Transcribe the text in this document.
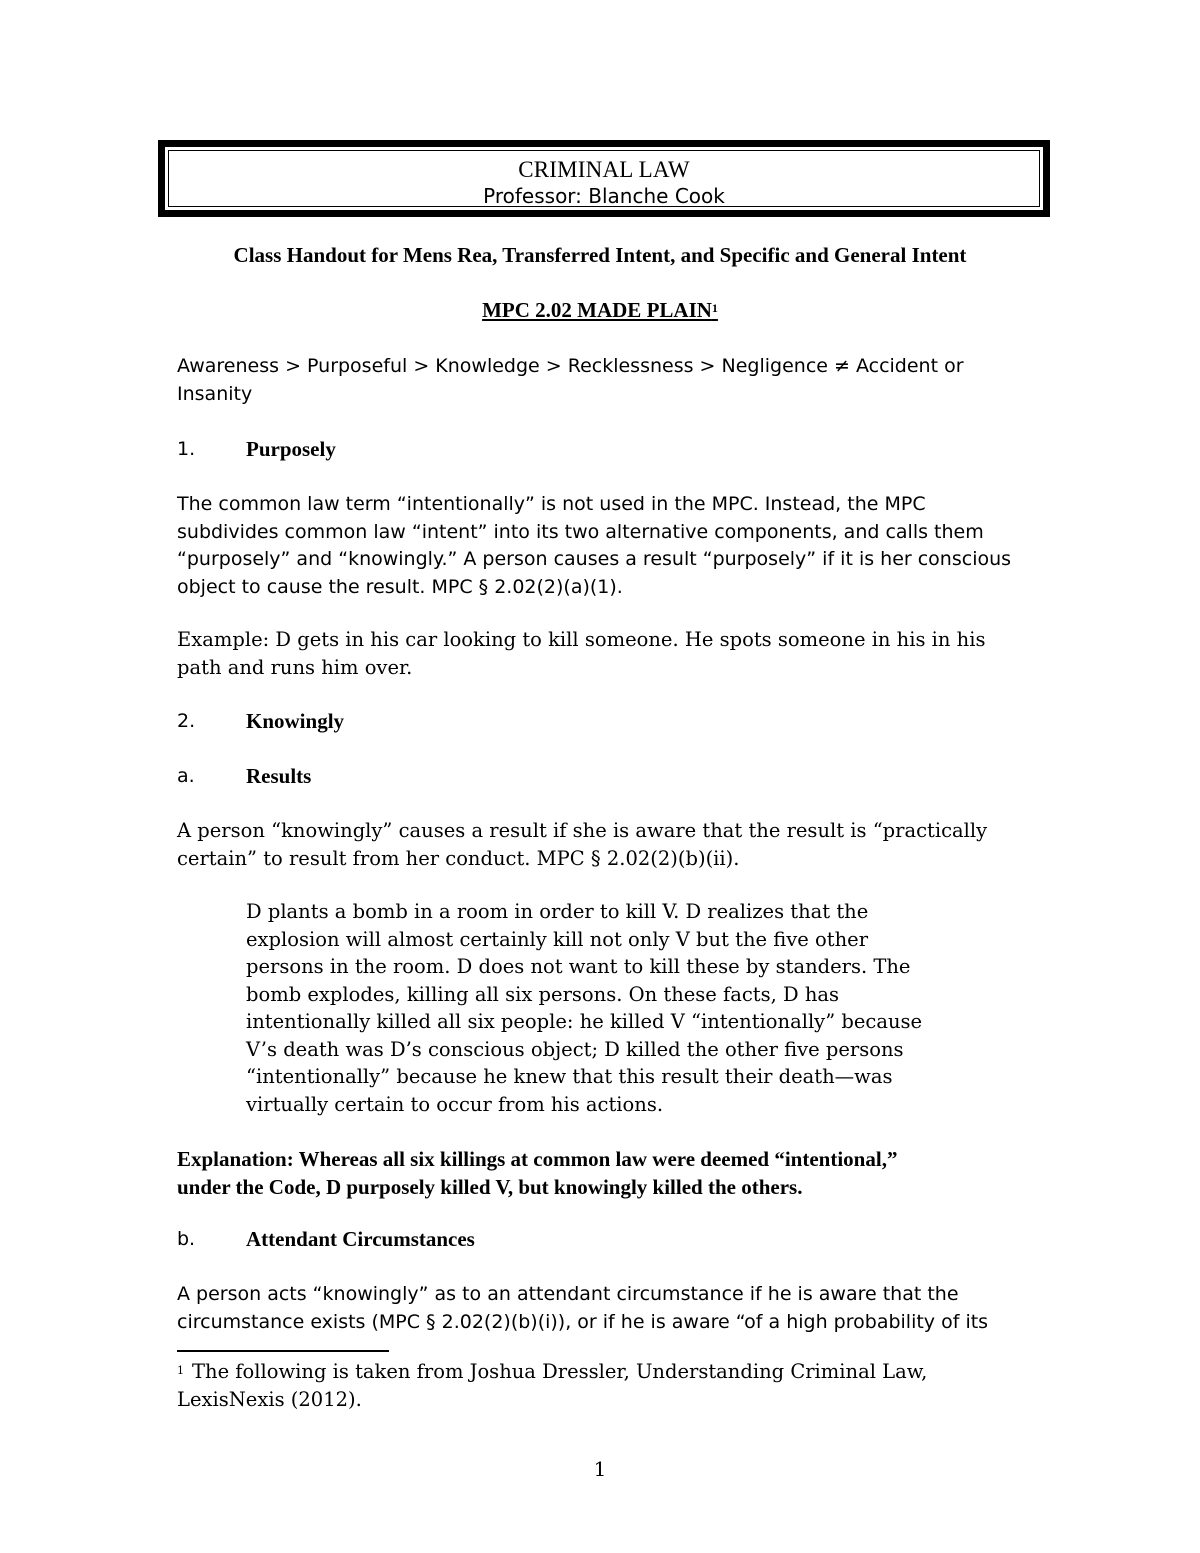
CRIMINAL LAW
Professor: Blanche Cook
Class Handout for Mens Rea, Transferred Intent, and Specific and General Intent
MPC 2.02 MADE PLAIN$^1$
Awareness > Purposeful > Knowledge > Recklessness > Negligence ≠ Accident or
Insanity
1. Purposely
The common law term “intentionally” is not used in the MPC. Instead, the MPC
subdivides common law “intent” into its two alternative components, and calls them
“purposely” and “knowingly.” A person causes a result “purposely” if it is her conscious
object to cause the result. MPC § 2.02(2)(a)(1).
Example: D gets in his car looking to kill someone. He spots someone in his in his
path and runs him over.
2. Knowingly
a. Results
A person “knowingly” causes a result if she is aware that the result is “practically
certain” to result from her conduct. MPC § 2.02(2)(b)(ii).
D plants a bomb in a room in order to kill V. D realizes that the
explosion will almost certainly kill not only V but the five other
persons in the room. D does not want to kill these by standers. The
bomb explodes, killing all six persons. On these facts, D has
intentionally killed all six people: he killed V “intentionally” because
V’s death was D’s conscious object; D killed the other five persons
“intentionally” because he knew that this result their death—was
virtually certain to occur from his actions.
Explanation: Whereas all six killings at common law were deemed “intentional,”
under the Code, D purposely killed V, but knowingly killed the others.
b. Attendant Circumstances
A person acts “knowingly” as to an attendant circumstance if he is aware that the
circumstance exists (MPC § 2.02(2)(b)(i)), or if he is aware “of a high probability of its
$^1$ The following is taken from Joshua Dressler, Understanding Criminal Law,
LexisNexis (2012).
1
